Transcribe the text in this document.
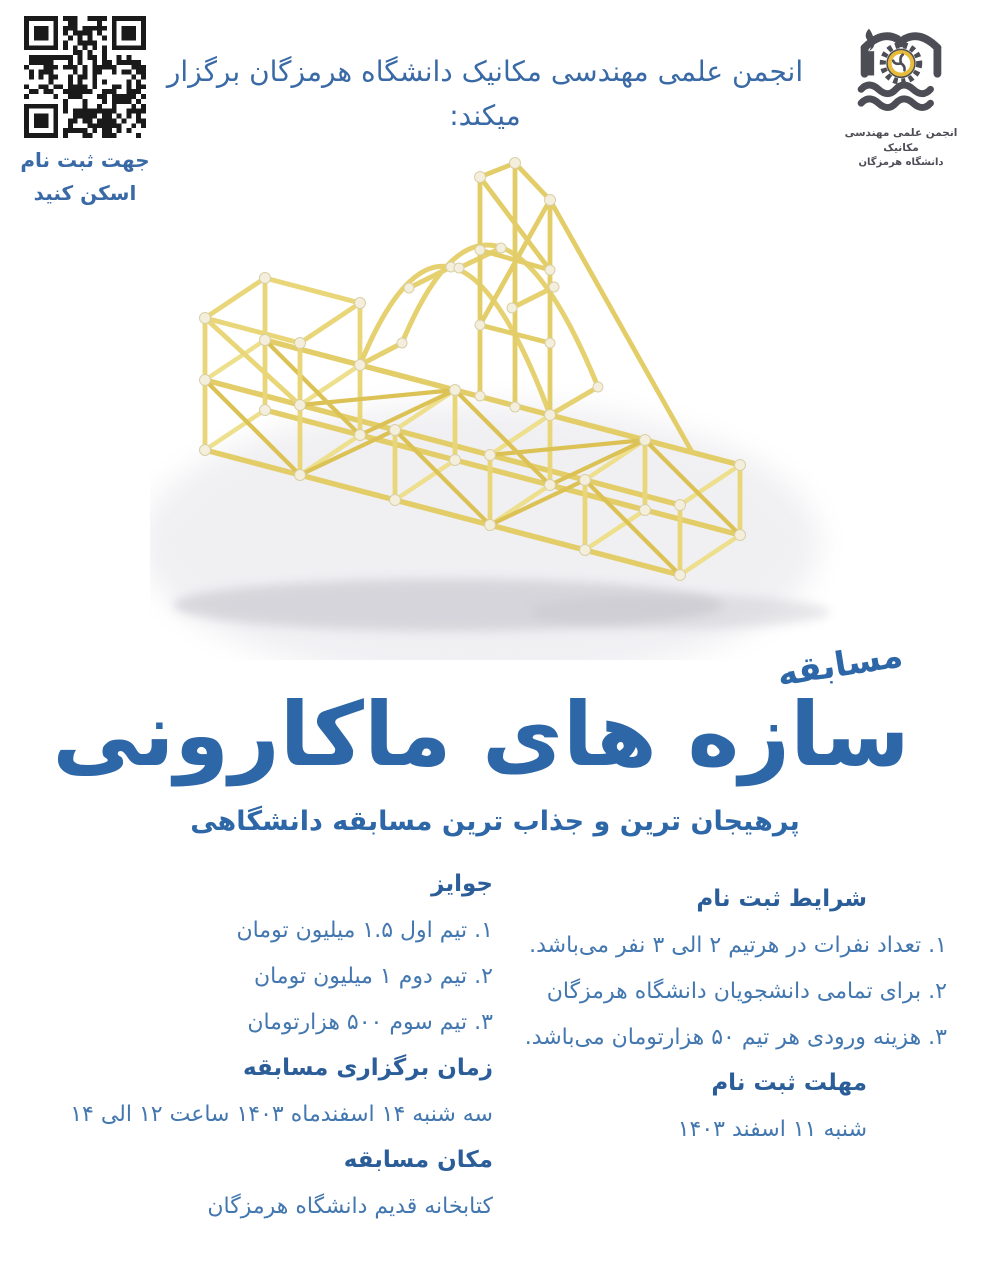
جهت ثبت نام
اسکن کنید
انجمن علمی مهندسی مکانیک دانشگاه هرمزگان برگزار میکند:
انجمن علمی مهندسی مکانیک
دانشگاه هرمزگان
مسابقه
سازه های ماکارونی
پرهیجان ترین و جذاب ترین مسابقه دانشگاهی
جوایز
۱. تیم اول ۱.۵ میلیون تومان
۲. تیم دوم ۱ میلیون تومان
۳. تیم سوم ۵۰۰ هزارتومان
زمان برگزاری مسابقه
سه شنبه ۱۴ اسفندماه ۱۴۰۳ ساعت ۱۲ الی ۱۴
مکان مسابقه
کتابخانه قدیم دانشگاه هرمزگان
شرایط ثبت نام
۱. تعداد نفرات در هرتیم ۲ الی ۳ نفر می‌باشد.
۲. برای تمامی دانشجویان دانشگاه هرمزگان
۳. هزینه ورودی هر تیم ۵۰ هزارتومان می‌باشد.
مهلت ثبت نام
شنبه ۱۱ اسفند ۱۴۰۳
